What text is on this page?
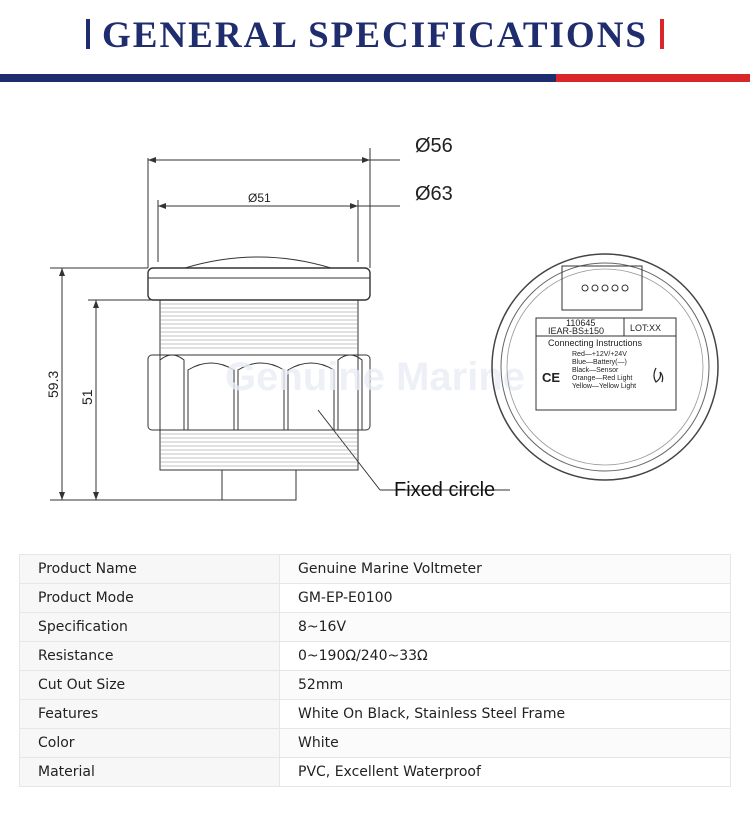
GENERAL SPECIFICATIONS
Ø56
Ø63
Ø51
59.3 51
Fixed circle
Genuine Marine
110645
IEAR-BS±150	LOT:XX
Connecting Instructions
Red—+12V/+24V
Blue—Battery(—)
Black—Sensor
Orange—Red Light
Yellow—Yellow Light
CE
Product Name	Genuine Marine Voltmeter
Product Mode	GM-EP-E0100
Specification	8~16V
Resistance	0~190Ω/240~33Ω
Cut Out Size	52mm
Features	White On Black, Stainless Steel Frame
Color	White
Material	PVC, Excellent Waterproof
